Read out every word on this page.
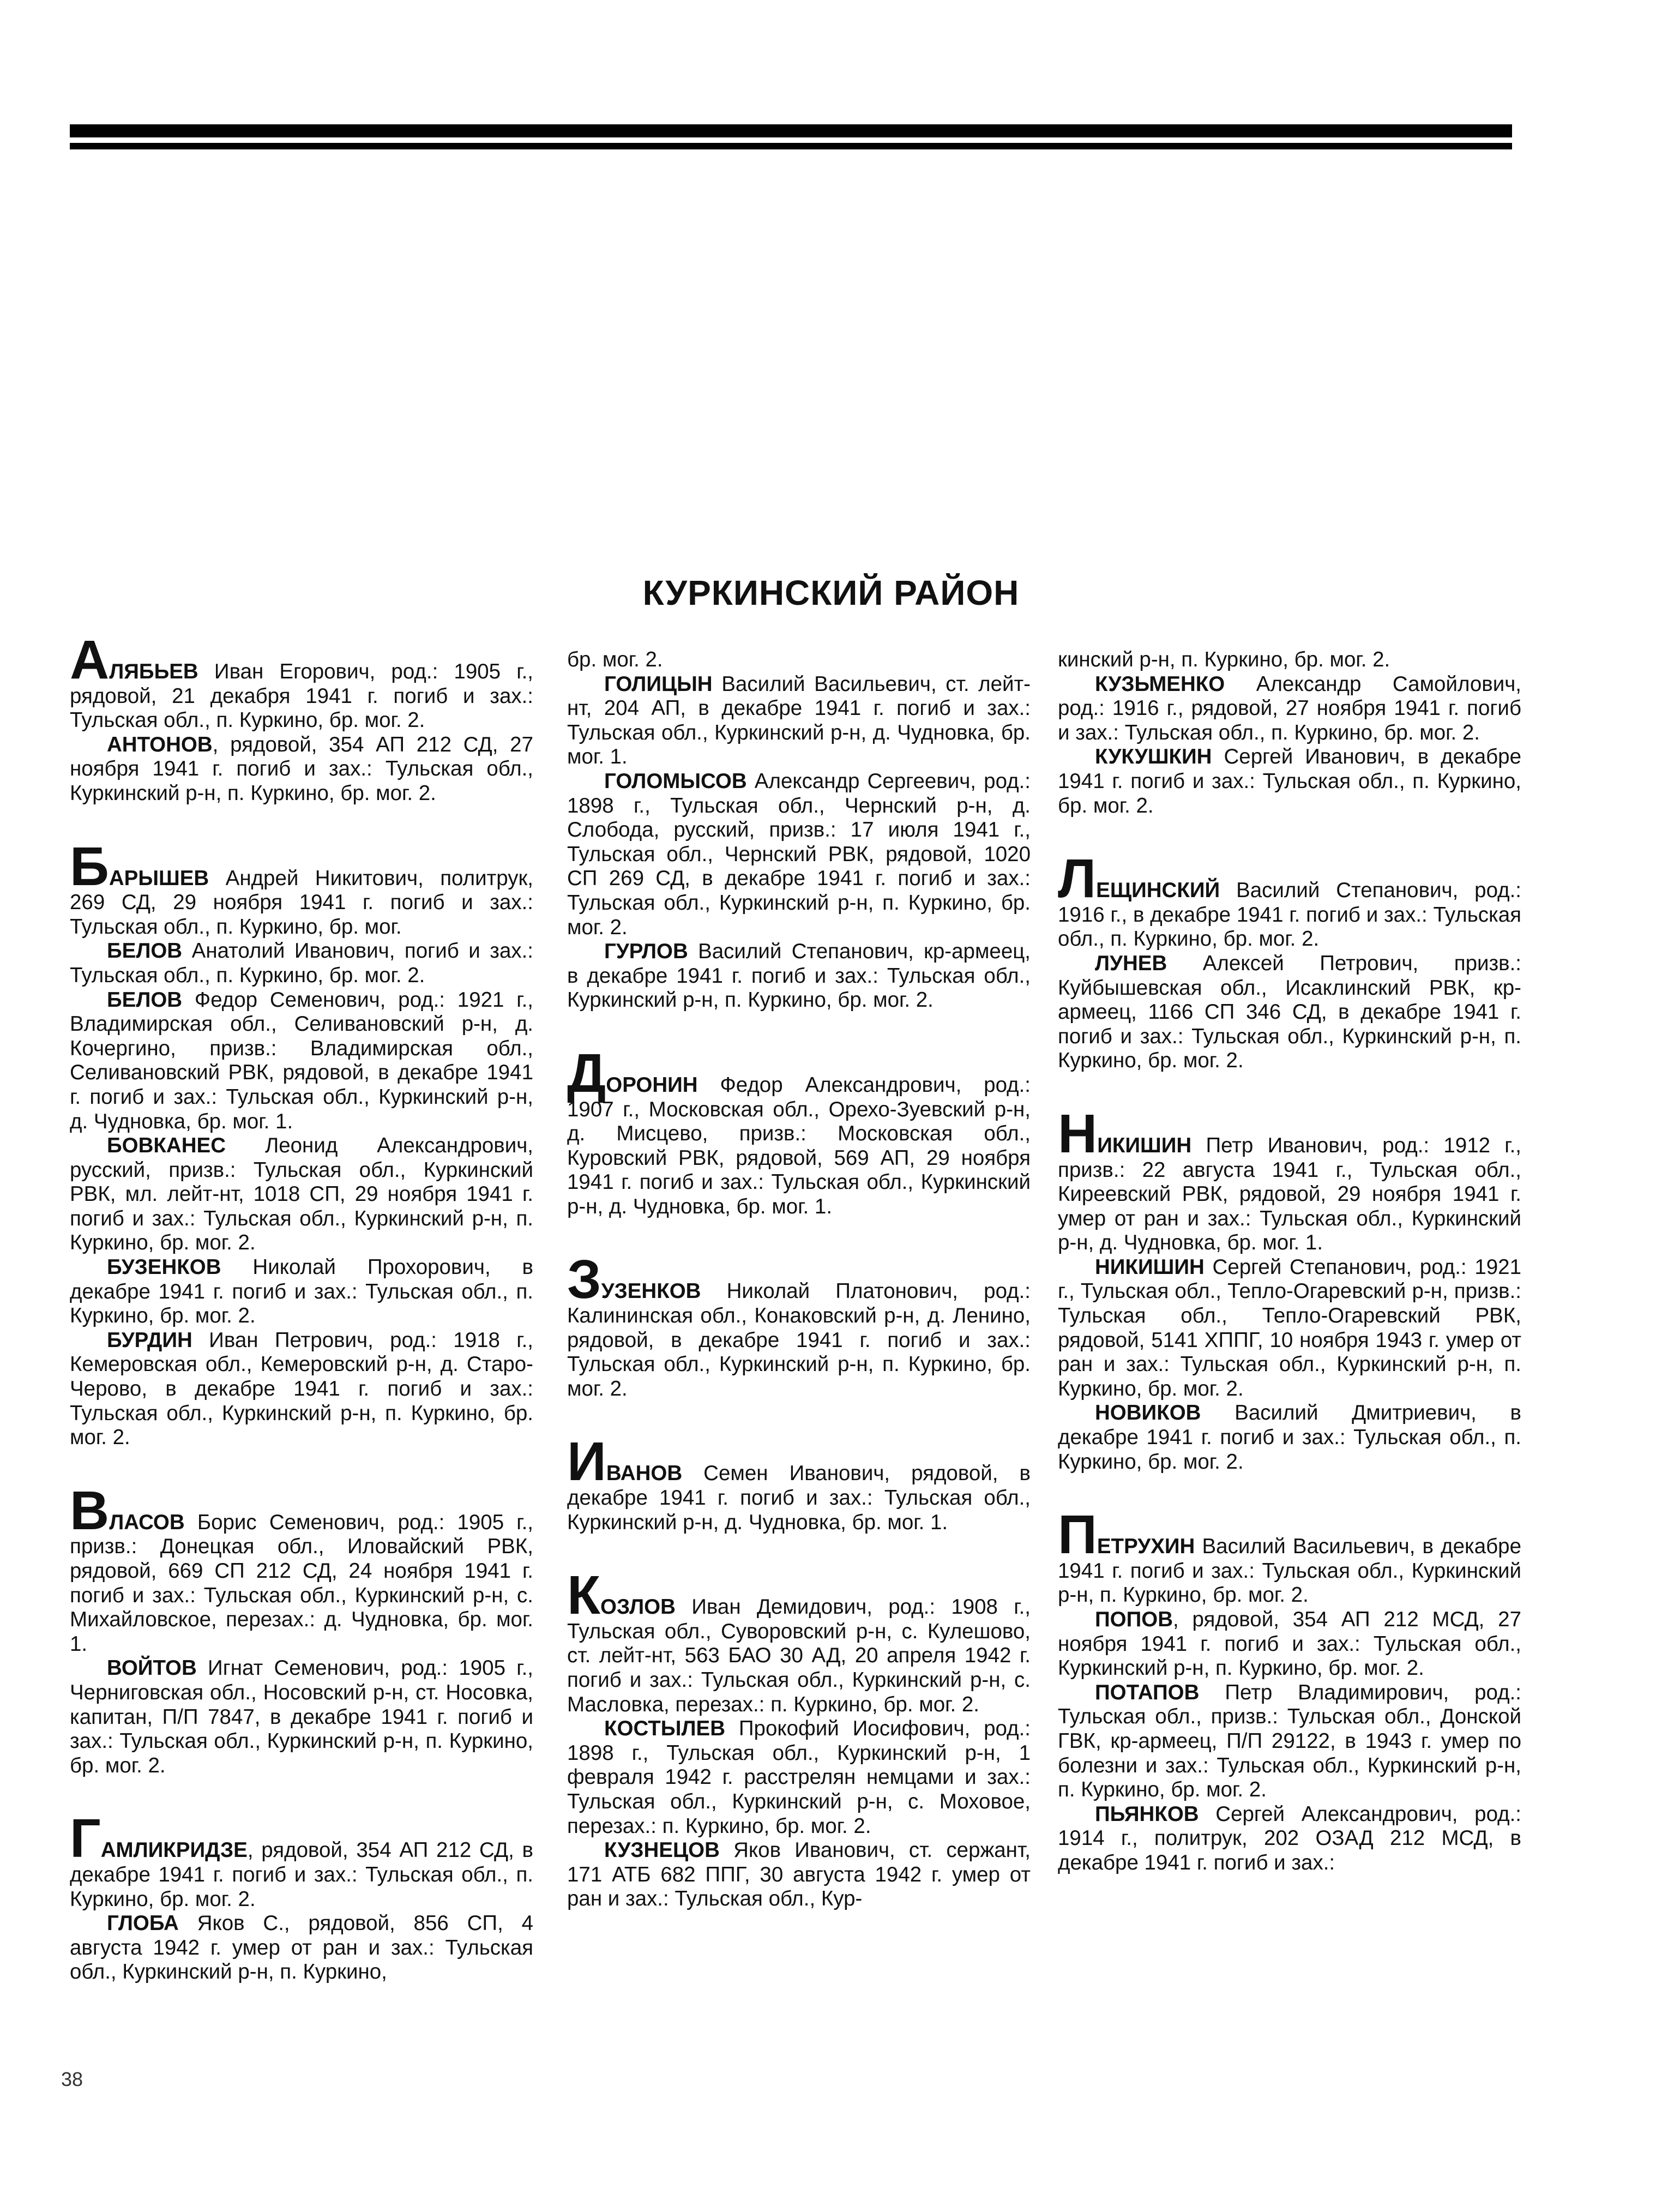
КУРКИНСКИЙ РАЙОН

АЛЯБЬЕВ Иван Егорович, род.: 1905 г., рядовой, 21 декабря 1941 г. погиб и зах.: Тульская обл., п. Куркино, бр. мог. 2.

АНТОНОВ, рядовой, 354 АП 212 СД, 27 ноября 1941 г. погиб и зах.: Тульская обл., Куркинский р-н, п. Куркино, бр. мог. 2.

БАРЫШЕВ Андрей Никитович, политрук, 269 СД, 29 ноября 1941 г. погиб и зах.: Тульская обл., п. Куркино, бр. мог.

БЕЛОВ Анатолий Иванович, погиб и зах.: Тульская обл., п. Куркино, бр. мог. 2.

БЕЛОВ Федор Семенович, род.: 1921 г., Владимирская обл., Селивановский р-н, д. Кочергино, призв.: Владимирская обл., Селивановский РВК, рядовой, в декабре 1941 г. погиб и зах.: Тульская обл., Куркинский р-н, д. Чудновка, бр. мог. 1.

БОВКАНЕС Леонид Александрович, русский, призв.: Тульская обл., Куркинский РВК, мл. лейт-нт, 1018 СП, 29 ноября 1941 г. погиб и зах.: Тульская обл., Куркинский р-н, п. Куркино, бр. мог. 2.

БУЗЕНКОВ Николай Прохорович, в декабре 1941 г. погиб и зах.: Тульская обл., п. Куркино, бр. мог. 2.

БУРДИН Иван Петрович, род.: 1918 г., Кемеровская обл., Кемеровский р-н, д. Старо-Черово, в декабре 1941 г. погиб и зах.: Тульская обл., Куркинский р-н, п. Куркино, бр. мог. 2.

ВЛАСОВ Борис Семенович, род.: 1905 г., призв.: Донецкая обл., Иловайский РВК, рядовой, 669 СП 212 СД, 24 ноября 1941 г. погиб и зах.: Тульская обл., Куркинский р-н, с. Михайловское, перезах.: д. Чудновка, бр. мог. 1.

ВОЙТОВ Игнат Семенович, род.: 1905 г., Черниговская обл., Носовский р-н, ст. Носовка, капитан, П/П 7847, в декабре 1941 г. погиб и зах.: Тульская обл., Куркинский р-н, п. Куркино, бр. мог. 2.

ГАМЛИКРИДЗЕ, рядовой, 354 АП 212 СД, в декабре 1941 г. погиб и зах.: Тульская обл., п. Куркино, бр. мог. 2.

ГЛОБА Яков С., рядовой, 856 СП, 4 августа 1942 г. умер от ран и зах.: Тульская обл., Куркинский р-н, п. Куркино,

бр. мог. 2.

ГОЛИЦЫН Василий Васильевич, ст. лейт-нт, 204 АП, в декабре 1941 г. погиб и зах.: Тульская обл., Куркинский р-н, д. Чудновка, бр. мог. 1.

ГОЛОМЫСОВ Александр Сергеевич, род.: 1898 г., Тульская обл., Чернский р-н, д. Слобода, русский, призв.: 17 июля 1941 г., Тульская обл., Чернский РВК, рядовой, 1020 СП 269 СД, в декабре 1941 г. погиб и зах.: Тульская обл., Куркинский р-н, п. Куркино, бр. мог. 2.

ГУРЛОВ Василий Степанович, кр-армеец, в декабре 1941 г. погиб и зах.: Тульская обл., Куркинский р-н, п. Куркино, бр. мог. 2.

ДОРОНИН Федор Александрович, род.: 1907 г., Московская обл., Орехо-Зуевский р-н, д. Мисцево, призв.: Московская обл., Куровский РВК, рядовой, 569 АП, 29 ноября 1941 г. погиб и зах.: Тульская обл., Куркинский р-н, д. Чудновка, бр. мог. 1.

ЗУЗЕНКОВ Николай Платонович, род.: Калининская обл., Конаковский р-н, д. Ленино, рядовой, в декабре 1941 г. погиб и зах.: Тульская обл., Куркинский р-н, п. Куркино, бр. мог. 2.

ИВАНОВ Семен Иванович, рядовой, в декабре 1941 г. погиб и зах.: Тульская обл., Куркинский р-н, д. Чудновка, бр. мог. 1.

КОЗЛОВ Иван Демидович, род.: 1908 г., Тульская обл., Суворовский р-н, с. Кулешово, ст. лейт-нт, 563 БАО 30 АД, 20 апреля 1942 г. погиб и зах.: Тульская обл., Куркинский р-н, с. Масловка, перезах.: п. Куркино, бр. мог. 2.

КОСТЫЛЕВ Прокофий Иосифович, род.: 1898 г., Тульская обл., Куркинский р-н, 1 февраля 1942 г. расстрелян немцами и зах.: Тульская обл., Куркинский р-н, с. Моховое, перезах.: п. Куркино, бр. мог. 2.

КУЗНЕЦОВ Яков Иванович, ст. сержант, 171 АТБ 682 ППГ, 30 августа 1942 г. умер от ран и зах.: Тульская обл., Кур-

кинский р-н, п. Куркино, бр. мог. 2.

КУЗЬМЕНКО Александр Самойлович, род.: 1916 г., рядовой, 27 ноября 1941 г. погиб и зах.: Тульская обл., п. Куркино, бр. мог. 2.

КУКУШКИН Сергей Иванович, в декабре 1941 г. погиб и зах.: Тульская обл., п. Куркино, бр. мог. 2.

ЛЕЩИНСКИЙ Василий Степанович, род.: 1916 г., в декабре 1941 г. погиб и зах.: Тульская обл., п. Куркино, бр. мог. 2.

ЛУНЕВ Алексей Петрович, призв.: Куйбышевская обл., Исаклинский РВК, кр-армеец, 1166 СП 346 СД, в декабре 1941 г. погиб и зах.: Тульская обл., Куркинский р-н, п. Куркино, бр. мог. 2.

НИКИШИН Петр Иванович, род.: 1912 г., призв.: 22 августа 1941 г., Тульская обл., Киреевский РВК, рядовой, 29 ноября 1941 г. умер от ран и зах.: Тульская обл., Куркинский р-н, д. Чудновка, бр. мог. 1.

НИКИШИН Сергей Степанович, род.: 1921 г., Тульская обл., Тепло-Огаревский р-н, призв.: Тульская обл., Тепло-Огаревский РВК, рядовой, 5141 ХППГ, 10 ноября 1943 г. умер от ран и зах.: Тульская обл., Куркинский р-н, п. Куркино, бр. мог. 2.

НОВИКОВ Василий Дмитриевич, в декабре 1941 г. погиб и зах.: Тульская обл., п. Куркино, бр. мог. 2.

ПЕТРУХИН Василий Васильевич, в декабре 1941 г. погиб и зах.: Тульская обл., Куркинский р-н, п. Куркино, бр. мог. 2.

ПОПОВ, рядовой, 354 АП 212 МСД, 27 ноября 1941 г. погиб и зах.: Тульская обл., Куркинский р-н, п. Куркино, бр. мог. 2.

ПОТАПОВ Петр Владимирович, род.: Тульская обл., призв.: Тульская обл., Донской ГВК, кр-армеец, П/П 29122, в 1943 г. умер по болезни и зах.: Тульская обл., Куркинский р-н, п. Куркино, бр. мог. 2.

ПЬЯНКОВ Сергей Александрович, род.: 1914 г., политрук, 202 ОЗАД 212 МСД, в декабре 1941 г. погиб и зах.:

38
